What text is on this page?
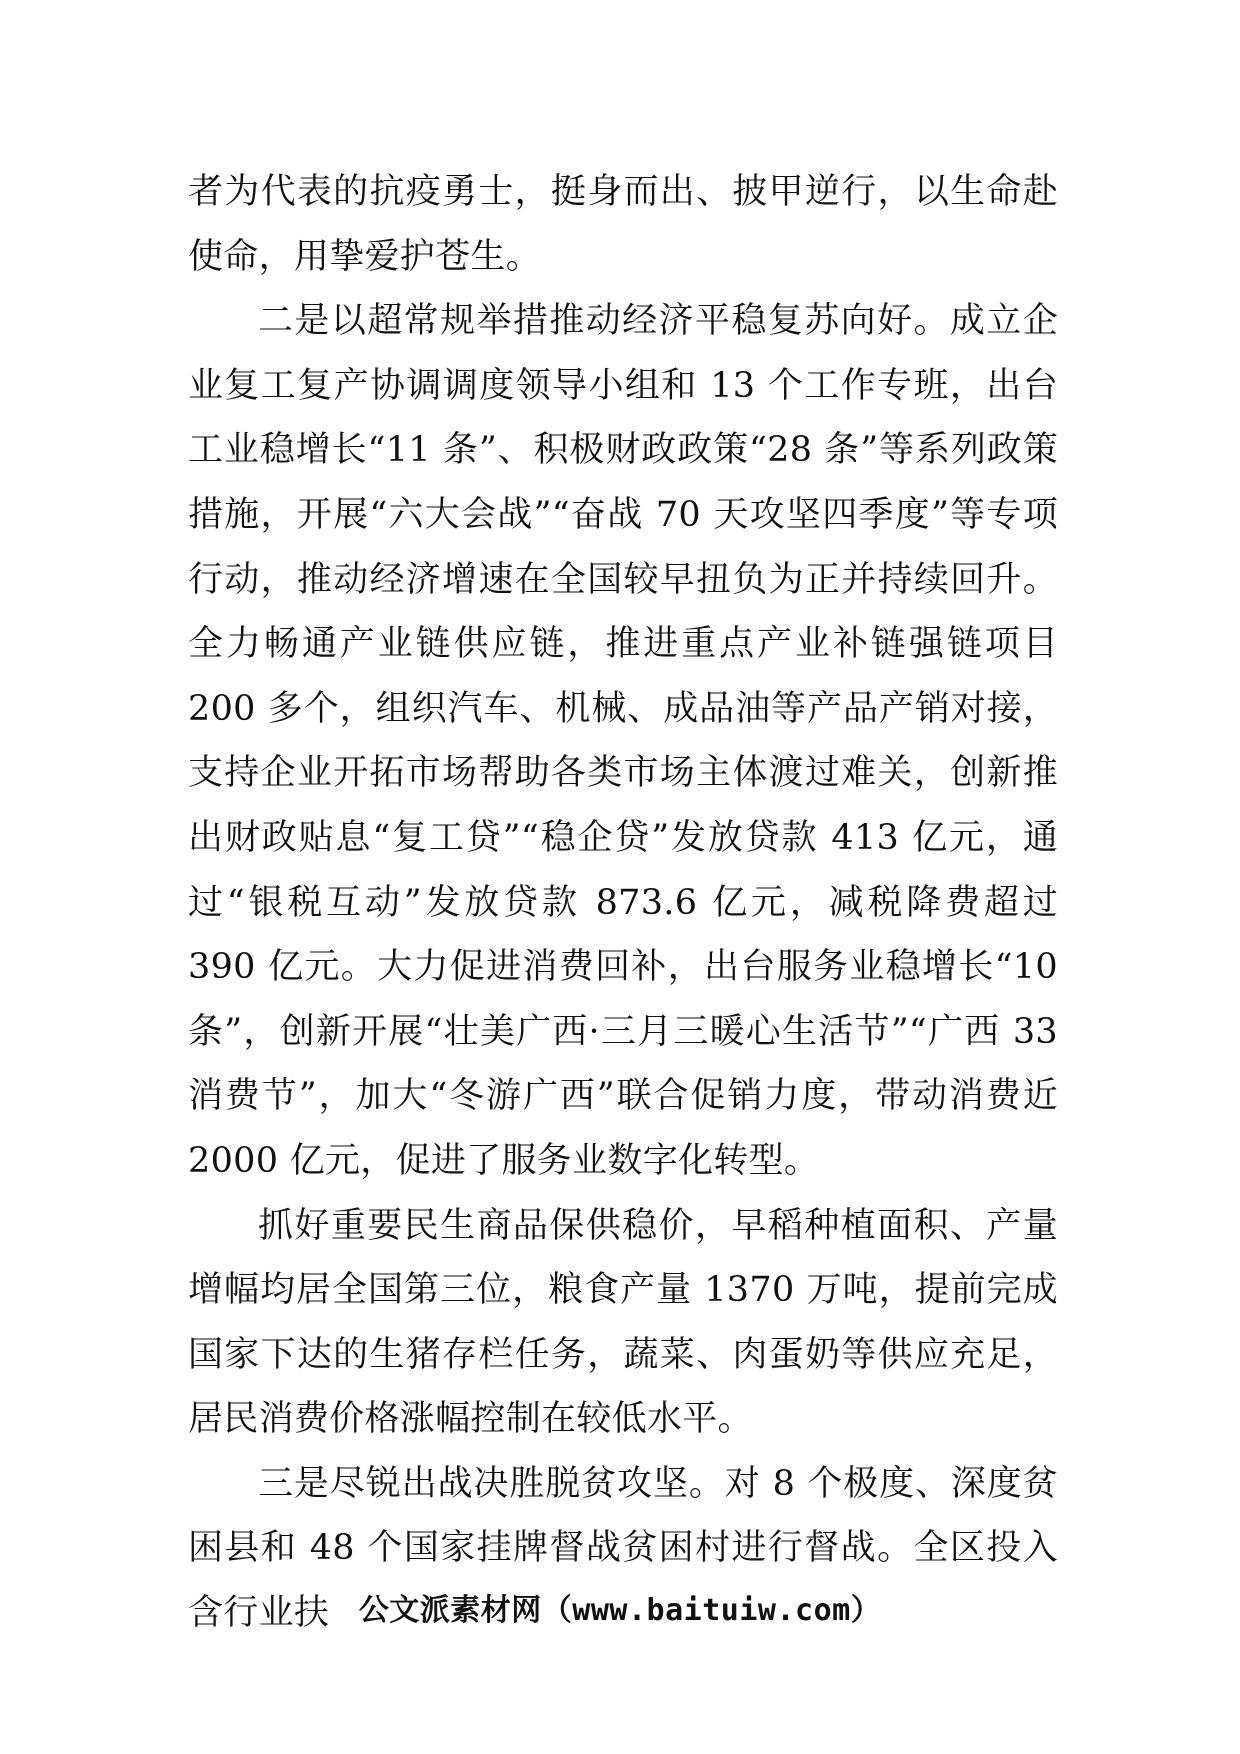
者为代表的抗疫勇士，挺身而出、披甲逆行，以生命赴使命，用挚爱护苍生。

二是以超常规举措推动经济平稳复苏向好。成立企业复工复产协调调度领导小组和 13 个工作专班，出台工业稳增长“11 条”、积极财政政策“28 条”等系列政策措施，开展“六大会战”“奋战 70 天攻坚四季度”等专项行动，推动经济增速在全国较早扭负为正并持续回升。全力畅通产业链供应链，推进重点产业补链强链项目 200 多个，组织汽车、机械、成品油等产品产销对接，支持企业开拓市场帮助各类市场主体渡过难关，创新推出财政贴息“复工贷”“稳企贷”发放贷款 413 亿元，通过“银税互动”发放贷款 873.6 亿元，减税降费超过 390 亿元。大力促进消费回补，出台服务业稳增长“10 条”，创新开展“壮美广西·三月三暖心生活节”“广西 33 消费节”，加大“冬游广西”联合促销力度，带动消费近 2000 亿元，促进了服务业数字化转型。

抓好重要民生商品保供稳价，早稻种植面积、产量增幅均居全国第三位，粮食产量 1370 万吨，提前完成国家下达的生猪存栏任务，蔬菜、肉蛋奶等供应充足，居民消费价格涨幅控制在较低水平。

三是尽锐出战决胜脱贫攻坚。对 8 个极度、深度贫困县和 48 个国家挂牌督战贫困村进行督战。全区投入含行业扶 公文派素材网（www.baituiw.com）
